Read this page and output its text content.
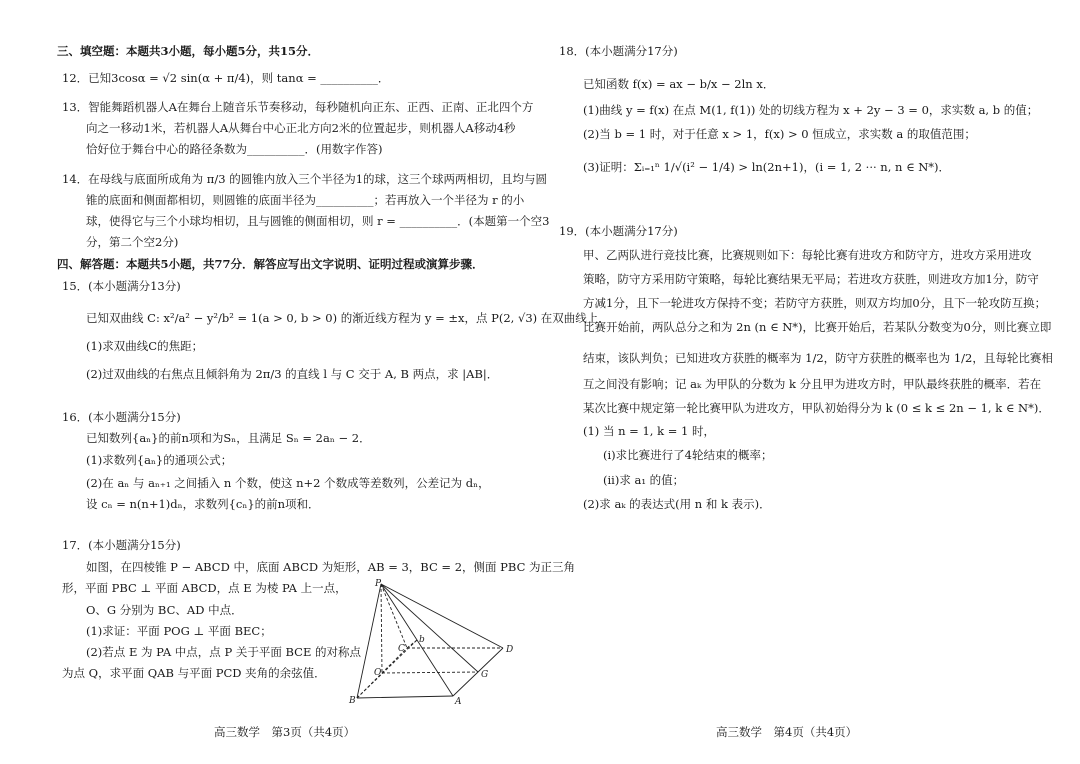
三、填空题：本题共3小题，每小题5分，共15分．
12．已知3cosα = √2 sin(α + π/4)，则 tanα = __________．
13．智能舞蹈机器人A在舞台上随音乐节奏移动，每秒随机向正东、正西、正南、正北四个方
向之一移动1米，若机器人A从舞台中心正北方向2米的位置起步，则机器人A移动4秒
恰好位于舞台中心的路径条数为__________．(用数字作答)
14．在母线与底面所成角为 π/3 的圆锥内放入三个半径为1的球，这三个球两两相切，且均与圆
锥的底面和侧面都相切，则圆锥的底面半径为__________；若再放入一个半径为 r 的小
球，使得它与三个小球均相切，且与圆锥的侧面相切，则 r = __________．(本题第一个空3
分，第二个空2分)
四、解答题：本题共5小题，共77分．解答应写出文字说明、证明过程或演算步骤．
15．(本小题满分13分)
已知双曲线 C: x²/a² − y²/b² = 1(a > 0, b > 0) 的渐近线方程为 y = ±x，点 P(2, √3) 在双曲线上．
(1)求双曲线C的焦距；
(2)过双曲线的右焦点且倾斜角为 2π/3 的直线 l 与 C 交于 A, B 两点，求 |AB|．
16．(本小题满分15分)
已知数列{aₙ}的前n项和为Sₙ，且满足 Sₙ = 2aₙ − 2．
(1)求数列{aₙ}的通项公式；
(2)在 aₙ 与 aₙ₊₁ 之间插入 n 个数，使这 n+2 个数成等差数列，公差记为 dₙ，
设 cₙ = n(n+1)dₙ，求数列{cₙ}的前n项和．
17．(本小题满分15分)
如图，在四棱锥 P − ABCD 中，底面 ABCD 为矩形，AB = 3，BC = 2，侧面 PBC 为正三角
形，平面 PBC ⊥ 平面 ABCD，点 E 为棱 PA 上一点，
O、G 分别为 BC、AD 中点．
(1)求证：平面 POG ⊥ 平面 BEC；
(2)若点 E 为 PA 中点，点 P 关于平面 BCE 的对称点
为点 Q，求平面 QAB 与平面 PCD 夹角的余弦值．
P
C
b
D
O	G
B	A
高三数学　第3页（共4页）
18．(本小题满分17分)
已知函数 f(x) = ax − b/x − 2ln x．
(1)曲线 y = f(x) 在点 M(1, f(1)) 处的切线方程为 x + 2y − 3 = 0，求实数 a, b 的值；
(2)当 b = 1 时，对于任意 x > 1，f(x) > 0 恒成立，求实数 a 的取值范围；
(3)证明：Σᵢ₌₁ⁿ 1/√(i² − 1/4) > ln(2n+1)，(i = 1, 2 ··· n, n ∈ N*)．
19．(本小题满分17分)
甲、乙两队进行竞技比赛，比赛规则如下：每轮比赛有进攻方和防守方，进攻方采用进攻
策略，防守方采用防守策略，每轮比赛结果无平局；若进攻方获胜，则进攻方加1分，防守
方减1分，且下一轮进攻方保持不变；若防守方获胜，则双方均加0分，且下一轮攻防互换；
比赛开始前，两队总分之和为 2n (n ∈ N*)，比赛开始后，若某队分数变为0分，则比赛立即
结束，该队判负；已知进攻方获胜的概率为 1/2，防守方获胜的概率也为 1/2，且每轮比赛相
互之间没有影响；记 aₖ 为甲队的分数为 k 分且甲为进攻方时，甲队最终获胜的概率．若在
某次比赛中规定第一轮比赛甲队为进攻方，甲队初始得分为 k (0 ≤ k ≤ 2n − 1, k ∈ N*)．
(1) 当 n = 1, k = 1 时，
(i)求比赛进行了4轮结束的概率；
(ii)求 a₁ 的值；
(2)求 aₖ 的表达式(用 n 和 k 表示)．
高三数学　第4页（共4页）
